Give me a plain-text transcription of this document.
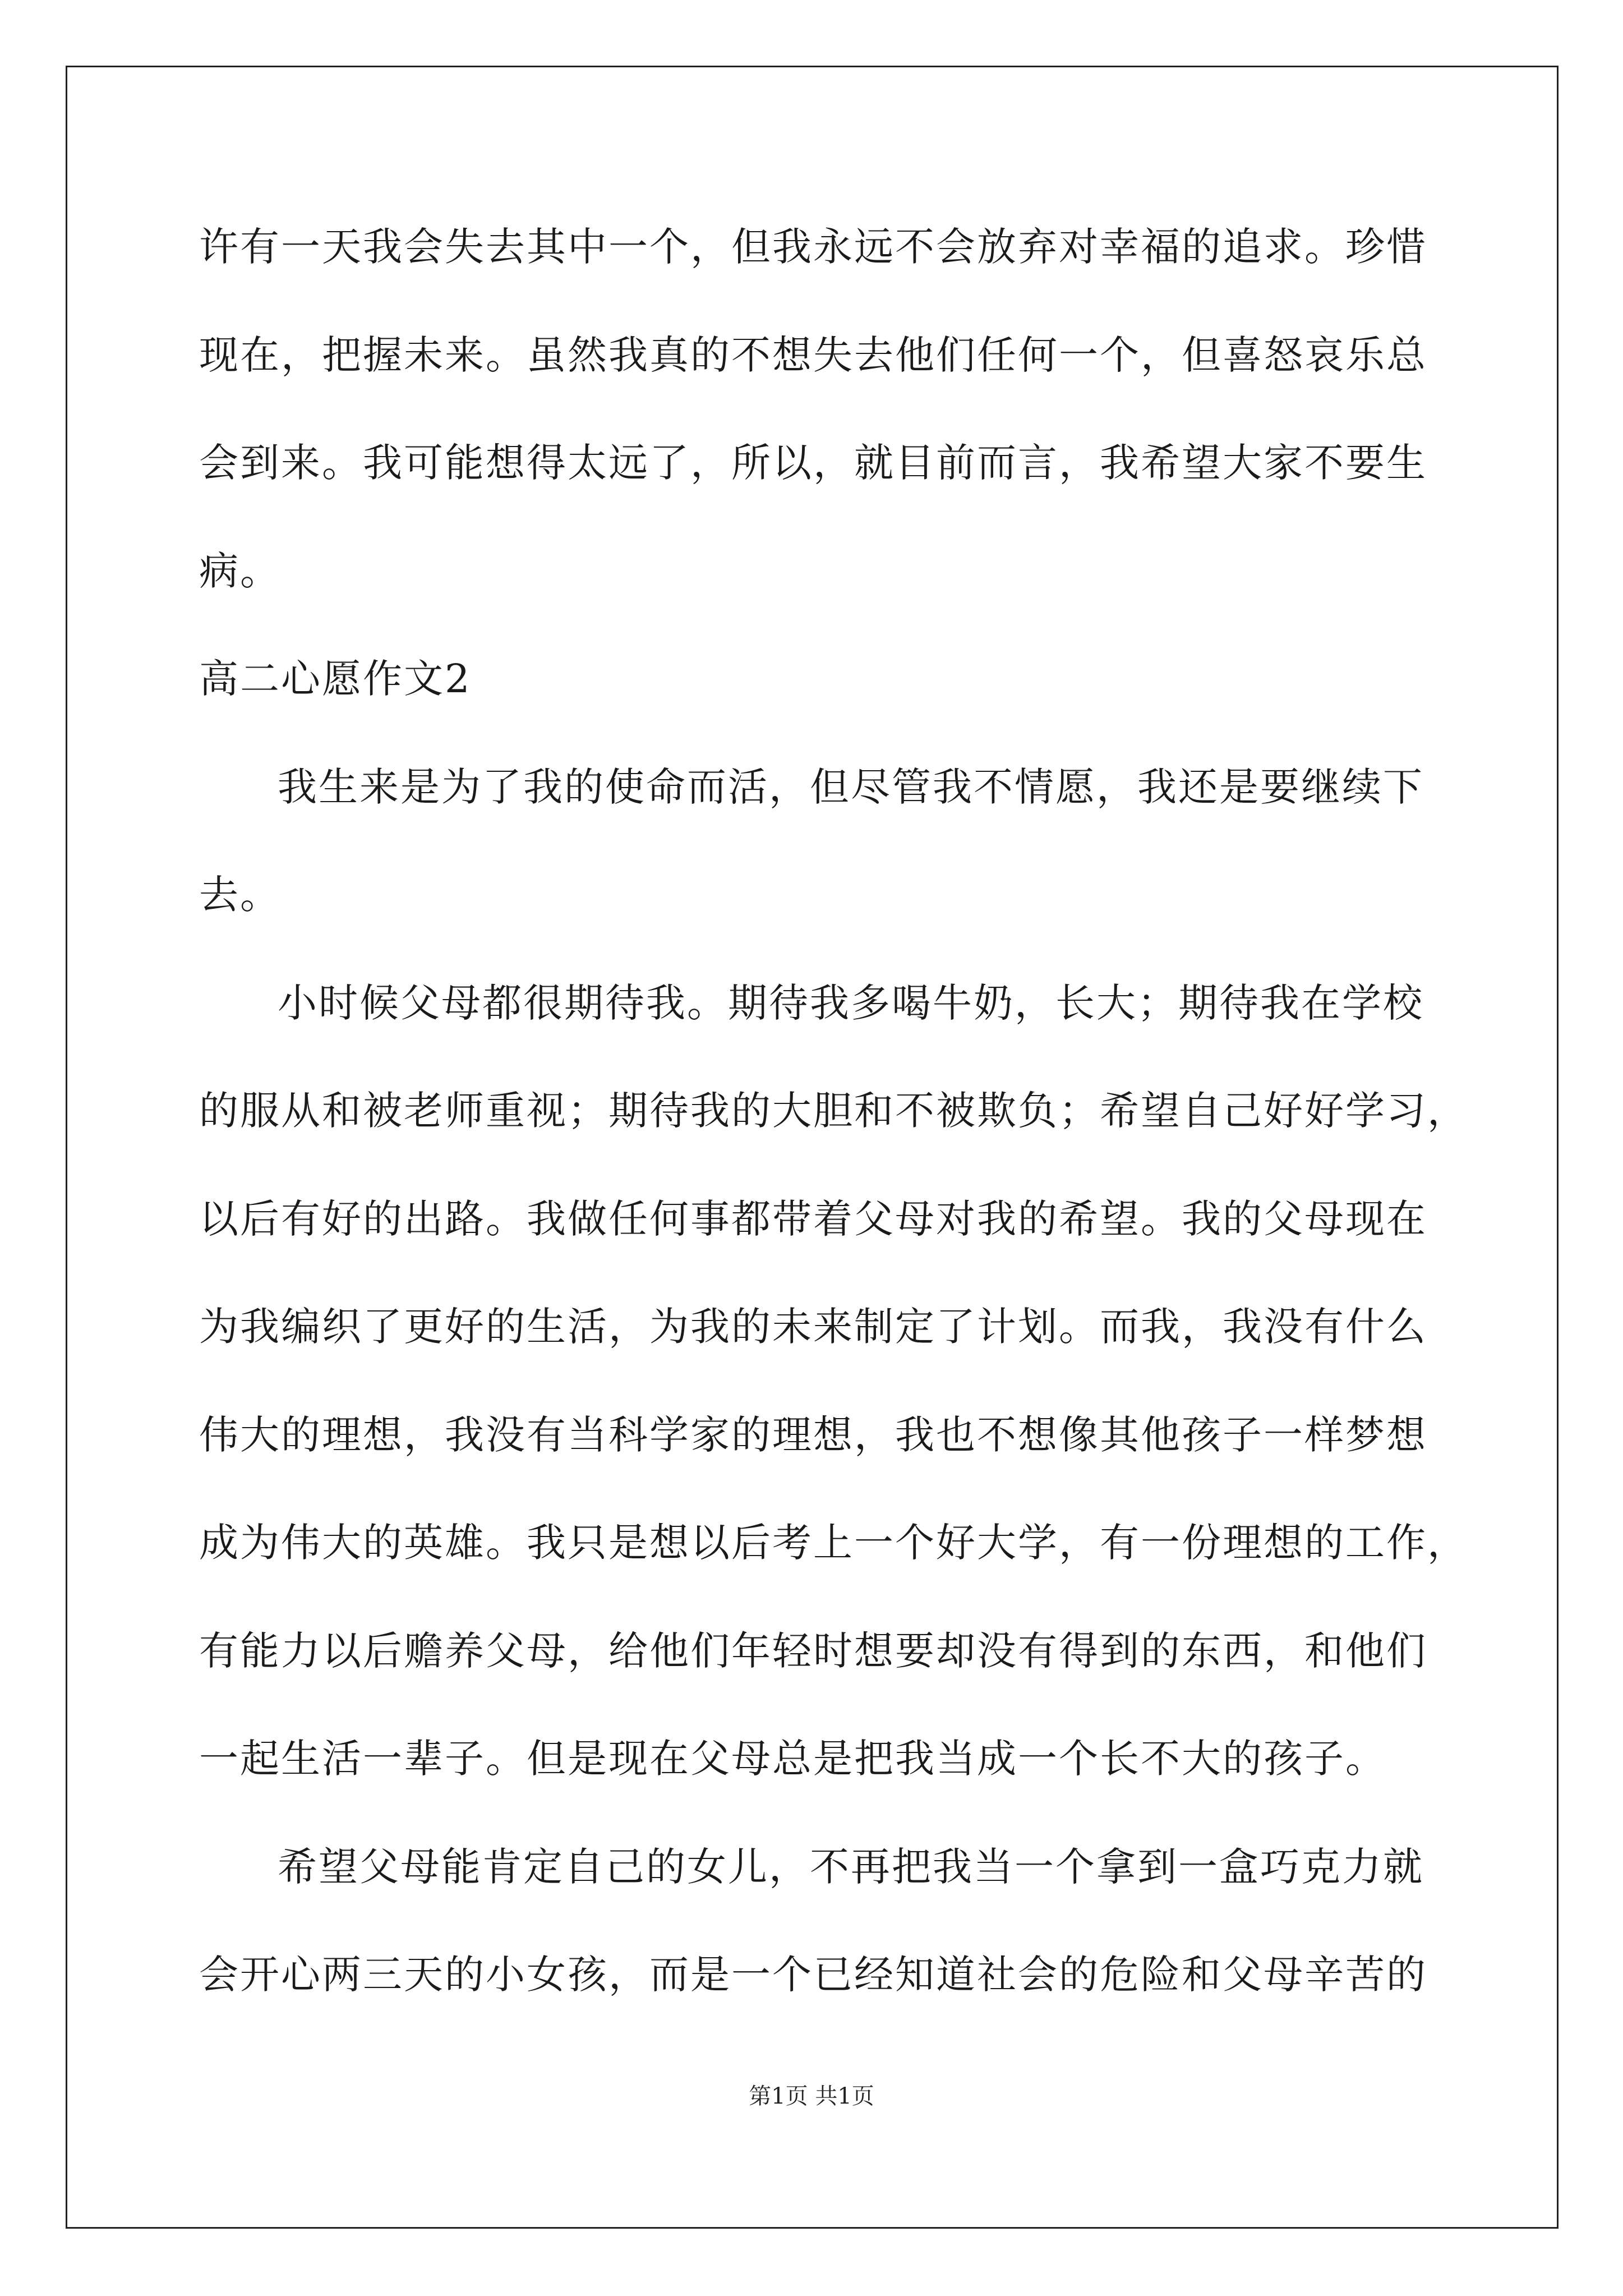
许有一天我会失去其中一个，但我永远不会放弃对幸福的追求。珍惜
现在，把握未来。虽然我真的不想失去他们任何一个，但喜怒哀乐总
会到来。我可能想得太远了，所以，就目前而言，我希望大家不要生
病。
高二心愿作文2
我生来是为了我的使命而活，但尽管我不情愿，我还是要继续下
去。
小时候父母都很期待我。期待我多喝牛奶，长大；期待我在学校
的服从和被老师重视；期待我的大胆和不被欺负；希望自己好好学习，
以后有好的出路。我做任何事都带着父母对我的希望。我的父母现在
为我编织了更好的生活，为我的未来制定了计划。而我，我没有什么
伟大的理想，我没有当科学家的理想，我也不想像其他孩子一样梦想
成为伟大的英雄。我只是想以后考上一个好大学，有一份理想的工作，
有能力以后赡养父母，给他们年轻时想要却没有得到的东西，和他们
一起生活一辈子。但是现在父母总是把我当成一个长不大的孩子。
希望父母能肯定自己的女儿，不再把我当一个拿到一盒巧克力就
会开心两三天的小女孩，而是一个已经知道社会的危险和父母辛苦的
第1页 共1页
